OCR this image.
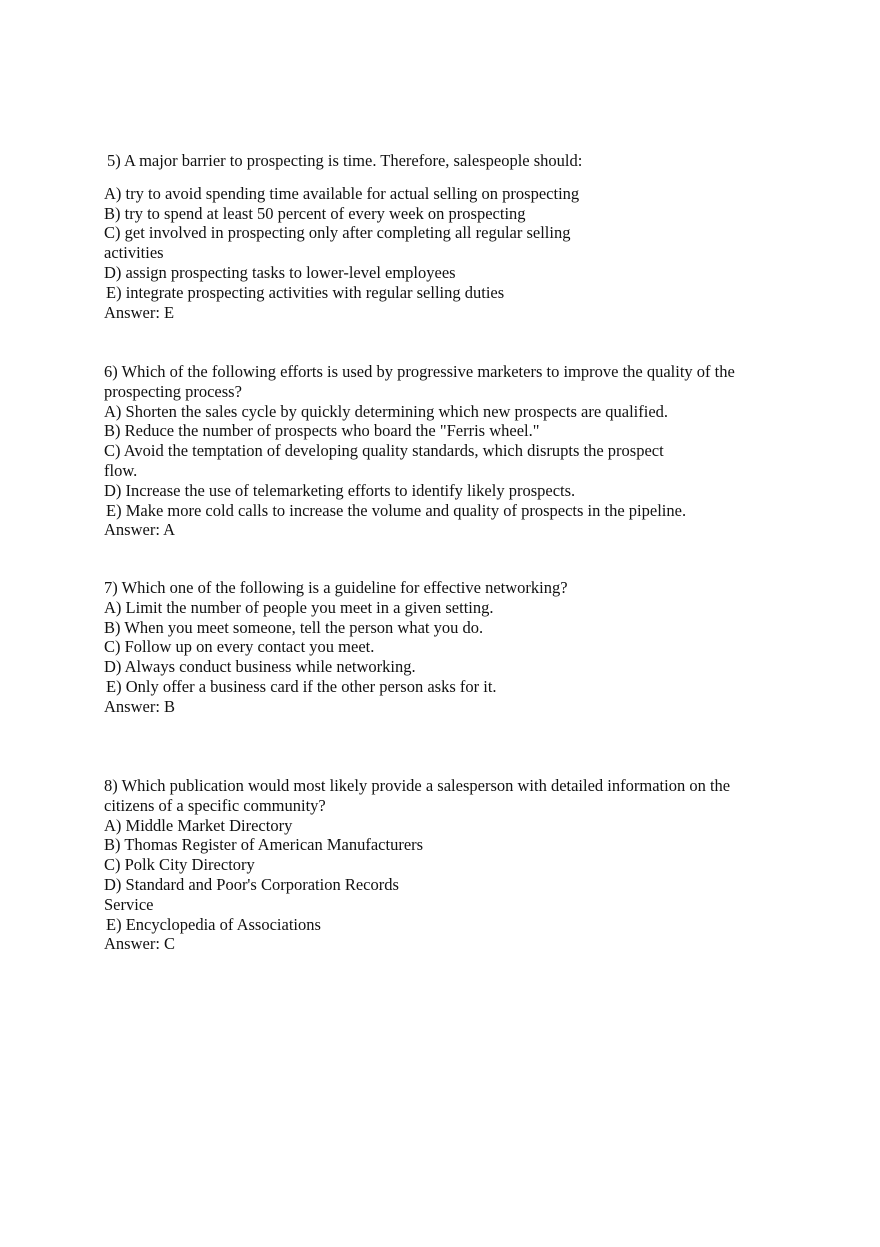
5) A major barrier to prospecting is time. Therefore, salespeople should:
A) try to avoid spending time available for actual selling on prospecting
B) try to spend at least 50 percent of every week on prospecting
C) get involved in prospecting only after completing all regular selling
activities
D) assign prospecting tasks to lower-level employees
E) integrate prospecting activities with regular selling duties
Answer: E
6) Which of the following efforts is used by progressive marketers to improve the quality of the
prospecting process?
A) Shorten the sales cycle by quickly determining which new prospects are qualified.
B) Reduce the number of prospects who board the "Ferris wheel."
C) Avoid the temptation of developing quality standards, which disrupts the prospect
flow.
D) Increase the use of telemarketing efforts to identify likely prospects.
E) Make more cold calls to increase the volume and quality of prospects in the pipeline.
Answer: A
7) Which one of the following is a guideline for effective networking?
A) Limit the number of people you meet in a given setting.
B) When you meet someone, tell the person what you do.
C) Follow up on every contact you meet.
D) Always conduct business while networking.
E) Only offer a business card if the other person asks for it.
Answer: B
8) Which publication would most likely provide a salesperson with detailed information on the
citizens of a specific community?
A) Middle Market Directory
B) Thomas Register of American Manufacturers
C) Polk City Directory
D) Standard and Poor's Corporation Records
Service
E) Encyclopedia of Associations
Answer: C
